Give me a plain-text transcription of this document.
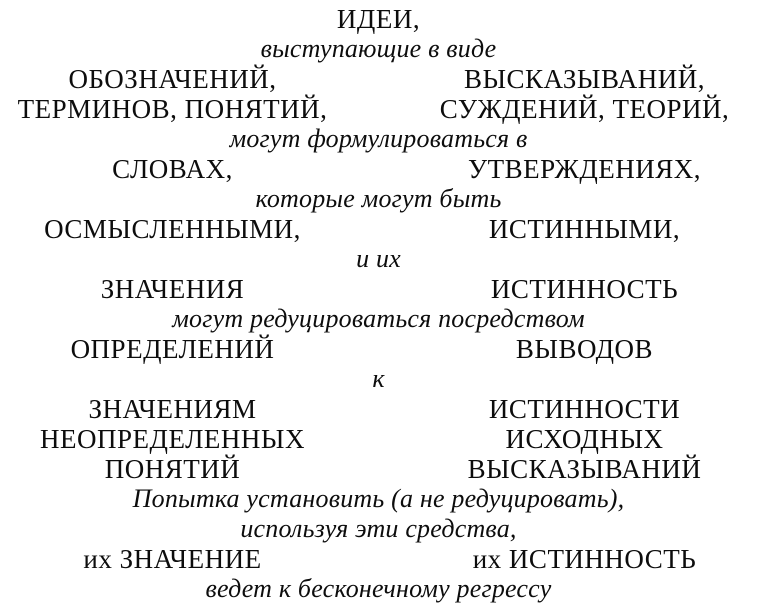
ИДЕИ,
выступающие в виде
ОБОЗНАЧЕНИЙ,	ВЫСКАЗЫВАНИЙ,
ТЕРМИНОВ, ПОНЯТИЙ,	СУЖДЕНИЙ, ТЕОРИЙ,
могут формулироваться в
СЛОВАХ,	УТВЕРЖДЕНИЯХ,
которые могут быть
ОСМЫСЛЕННЫМИ,	ИСТИННЫМИ,
и их
ЗНАЧЕНИЯ	ИСТИННОСТЬ
могут редуцироваться посредством
ОПРЕДЕЛЕНИЙ	ВЫВОДОВ
к
ЗНАЧЕНИЯМ	ИСТИННОСТИ
НЕОПРЕДЕЛЕННЫХ	ИСХОДНЫХ
ПОНЯТИЙ	ВЫСКАЗЫВАНИЙ
Попытка установить (а не редуцировать),
используя эти средства,
их ЗНАЧЕНИЕ	их ИСТИННОСТЬ
ведет к бесконечному регрессу
